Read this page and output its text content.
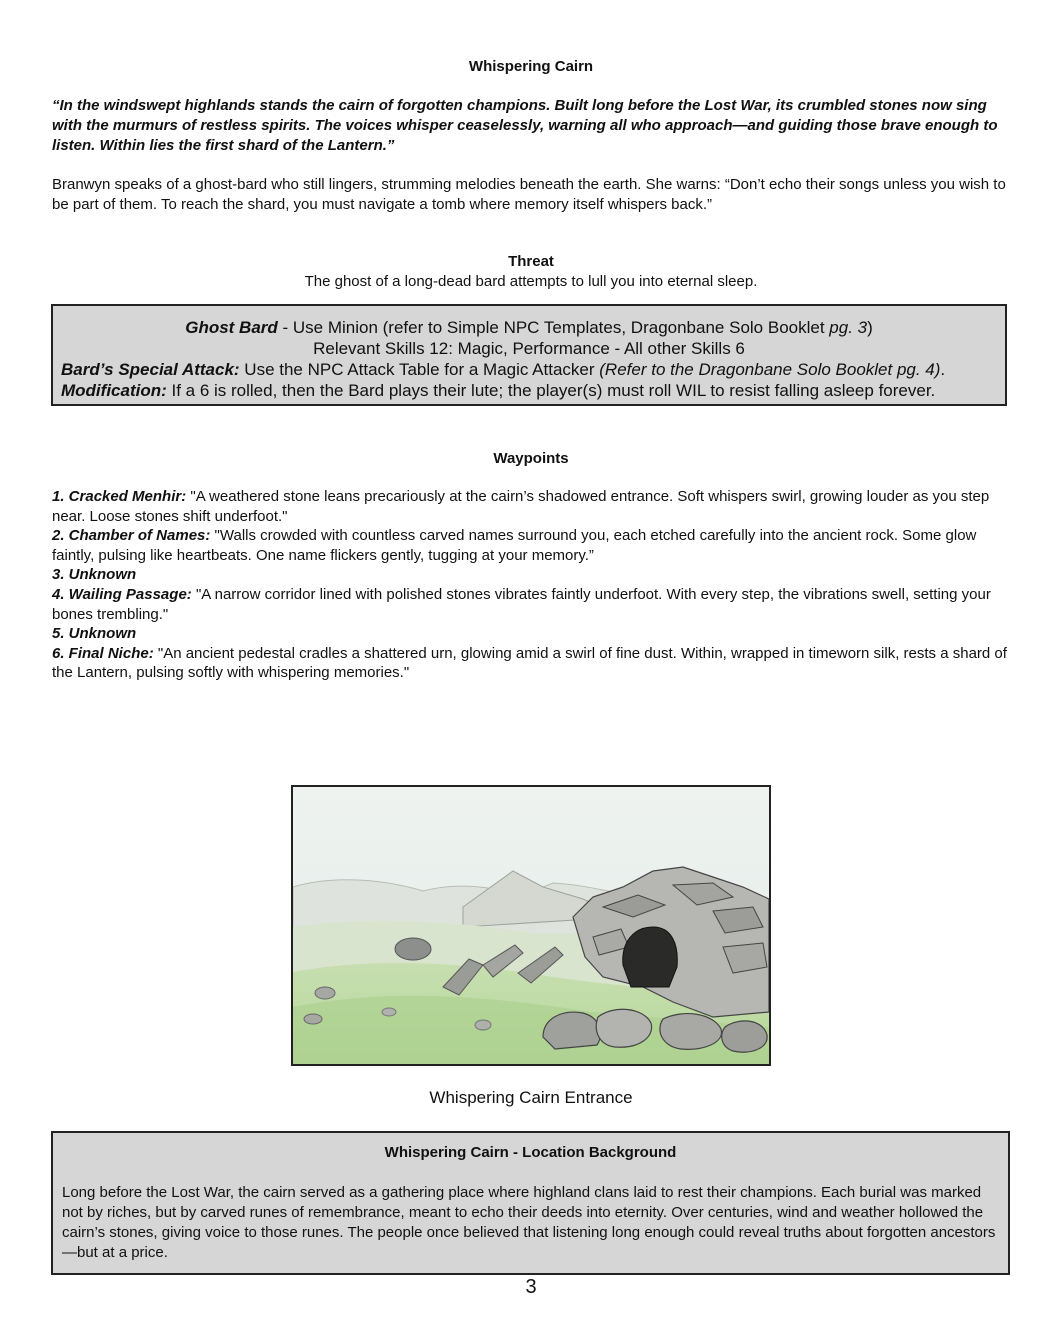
Whispering Cairn
“In the windswept highlands stands the cairn of forgotten champions. Built long before the Lost War, its crumbled stones now sing with the murmurs of restless spirits. The voices whisper ceaselessly, warning all who approach—and guiding those brave enough to listen. Within lies the first shard of the Lantern.”
Branwyn speaks of a ghost-bard who still lingers, strumming melodies beneath the earth. She warns: “Don’t echo their songs unless you wish to be part of them. To reach the shard, you must navigate a tomb where memory itself whispers back.”
Threat
The ghost of a long-dead bard attempts to lull you into eternal sleep.
Ghost Bard - Use Minion (refer to Simple NPC Templates, Dragonbane Solo Booklet pg. 3)
Relevant Skills 12: Magic, Performance - All other Skills 6
Bard’s Special Attack: Use the NPC Attack Table for a Magic Attacker (Refer to the Dragonbane Solo Booklet pg. 4).
Modification: If a 6 is rolled, then the Bard plays their lute; the player(s) must roll WIL to resist falling asleep forever.
Waypoints
1. Cracked Menhir: "A weathered stone leans precariously at the cairn’s shadowed entrance. Soft whispers swirl, growing louder as you step near. Loose stones shift underfoot."
2. Chamber of Names: "Walls crowded with countless carved names surround you, each etched carefully into the ancient rock. Some glow faintly, pulsing like heartbeats. One name flickers gently, tugging at your memory.”
3. Unknown
4. Wailing Passage: "A narrow corridor lined with polished stones vibrates faintly underfoot. With every step, the vibrations swell, setting your bones trembling."
5. Unknown
6. Final Niche: "An ancient pedestal cradles a shattered urn, glowing amid a swirl of fine dust. Within, wrapped in timeworn silk, rests a shard of the Lantern, pulsing softly with whispering memories."
Whispering Cairn Entrance
Whispering Cairn - Location Background
Long before the Lost War, the cairn served as a gathering place where highland clans laid to rest their champions. Each burial was marked not by riches, but by carved runes of remembrance, meant to echo their deeds into eternity. Over centuries, wind and weather hollowed the cairn’s stones, giving voice to those runes. The people once believed that listening long enough could reveal truths about forgotten ancestors—but at a price.
3
